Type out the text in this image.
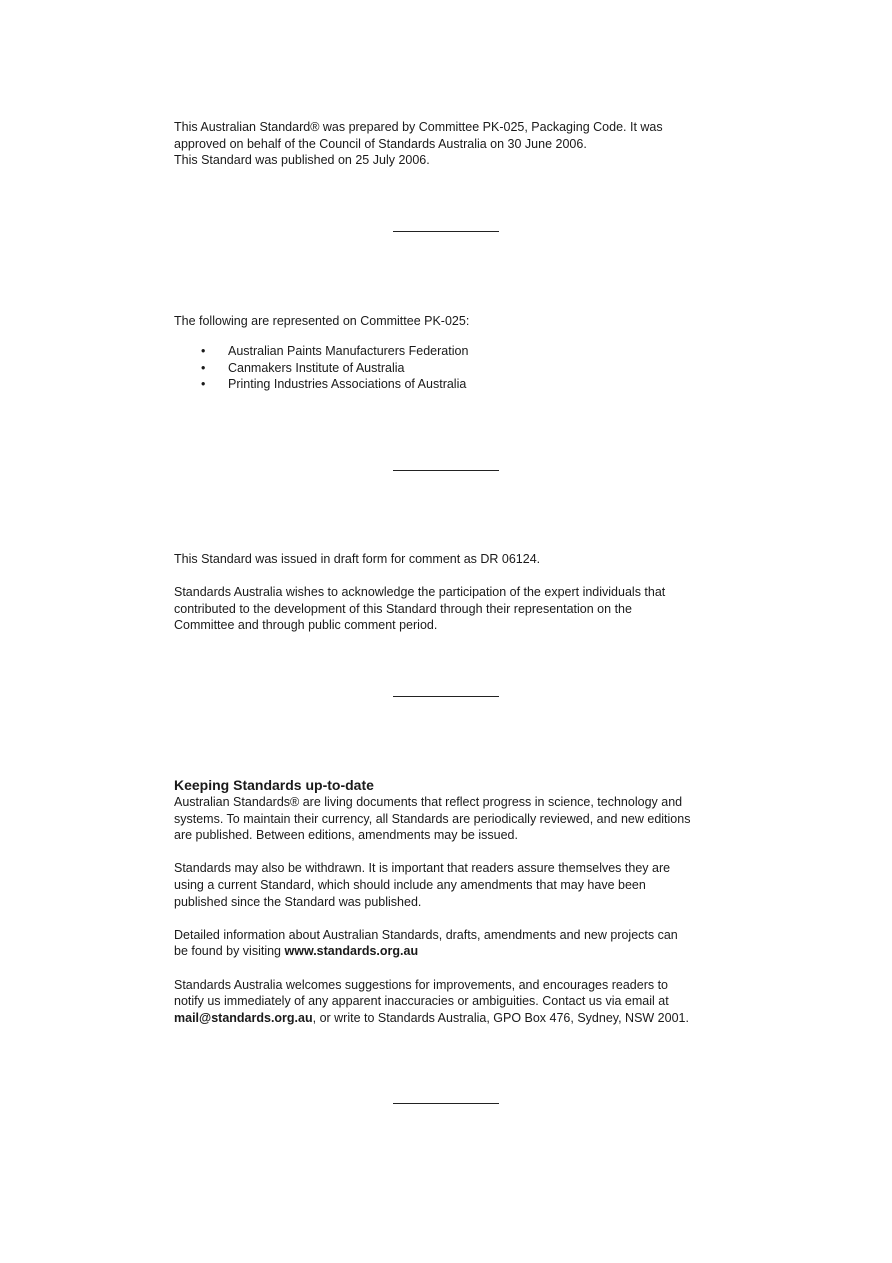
This Australian Standard® was prepared by Committee PK-025, Packaging Code. It was

approved on behalf of the Council of Standards Australia on 30 June 2006.

This Standard was published on 25 July 2006.

The following are represented on Committee PK-025:

• Australian Paints Manufacturers Federation
• Canmakers Institute of Australia
• Printing Industries Associations of Australia

This Standard was issued in draft form for comment as DR 06124.

Standards Australia wishes to acknowledge the participation of the expert individuals that

contributed to the development of this Standard through their representation on the

Committee and through public comment period.

Keeping Standards up-to-date

Australian Standards® are living documents that reflect progress in science, technology and

systems. To maintain their currency, all Standards are periodically reviewed, and new editions

are published. Between editions, amendments may be issued.

Standards may also be withdrawn. It is important that readers assure themselves they are

using a current Standard, which should include any amendments that may have been

published since the Standard was published.

Detailed information about Australian Standards, drafts, amendments and new projects can

be found by visiting www.standards.org.au

Standards Australia welcomes suggestions for improvements, and encourages readers to

notify us immediately of any apparent inaccuracies or ambiguities. Contact us via email at

mail@standards.org.au, or write to Standards Australia, GPO Box 476, Sydney, NSW 2001.
